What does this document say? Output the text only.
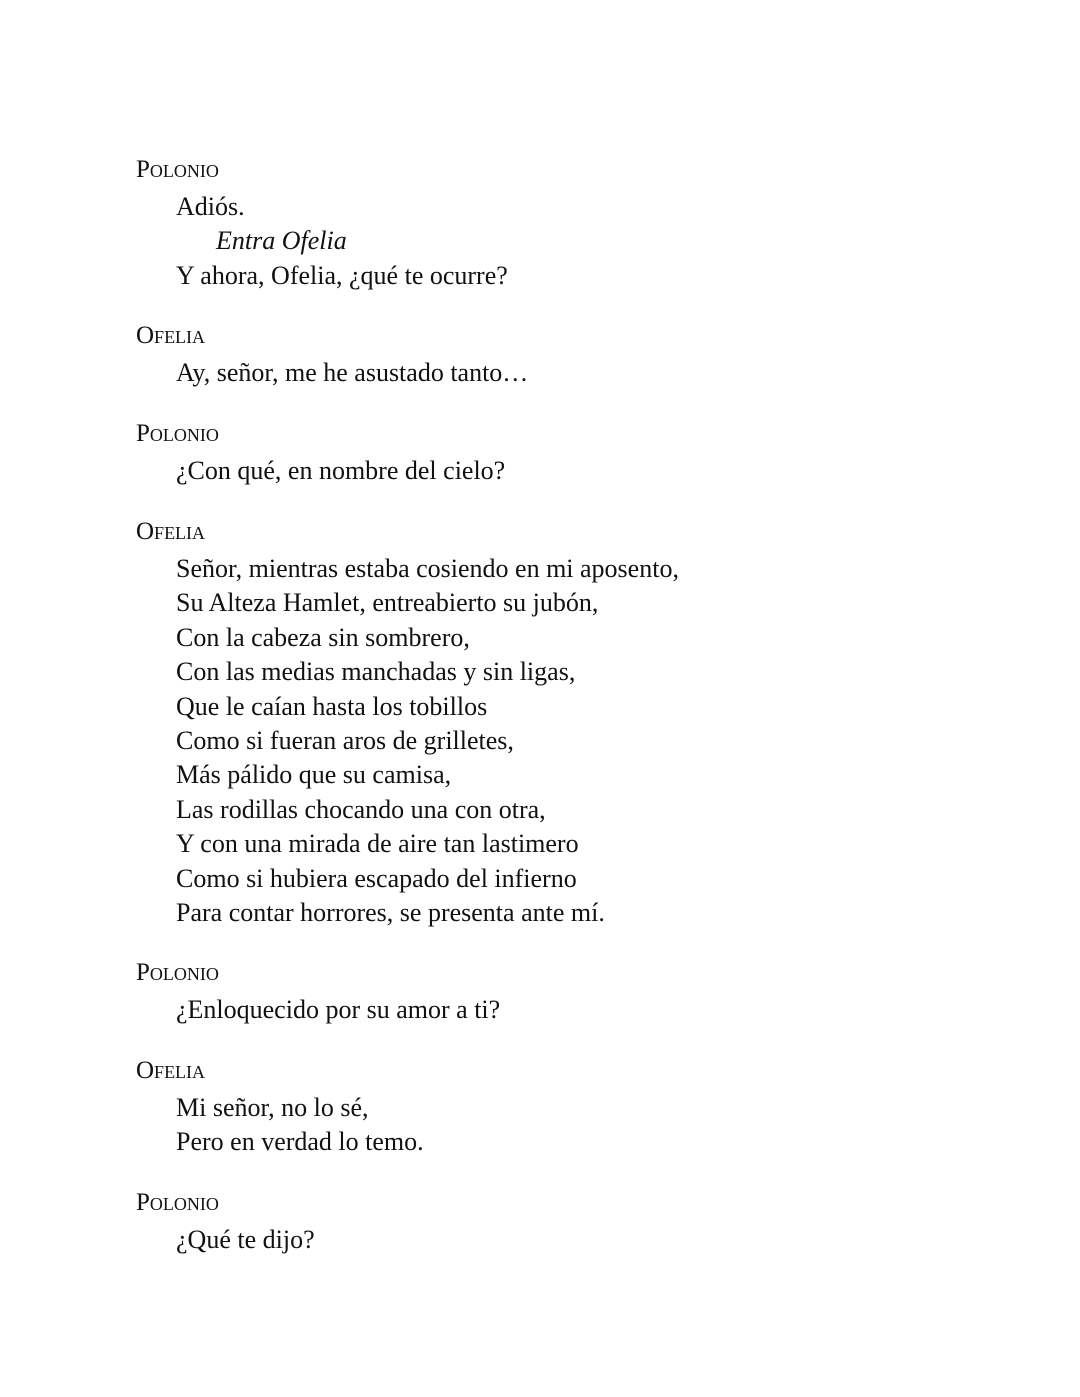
Polonio
Adiós.
Entra Ofelia
Y ahora, Ofelia, ¿qué te ocurre?
Ofelia
Ay, señor, me he asustado tanto…
Polonio
¿Con qué, en nombre del cielo?
Ofelia
Señor, mientras estaba cosiendo en mi aposento,
Su Alteza Hamlet, entreabierto su jubón,
Con la cabeza sin sombrero,
Con las medias manchadas y sin ligas,
Que le caían hasta los tobillos
Como si fueran aros de grilletes,
Más pálido que su camisa,
Las rodillas chocando una con otra,
Y con una mirada de aire tan lastimero
Como si hubiera escapado del infierno
Para contar horrores, se presenta ante mí.
Polonio
¿Enloquecido por su amor a ti?
Ofelia
Mi señor, no lo sé,
Pero en verdad lo temo.
Polonio
¿Qué te dijo?
